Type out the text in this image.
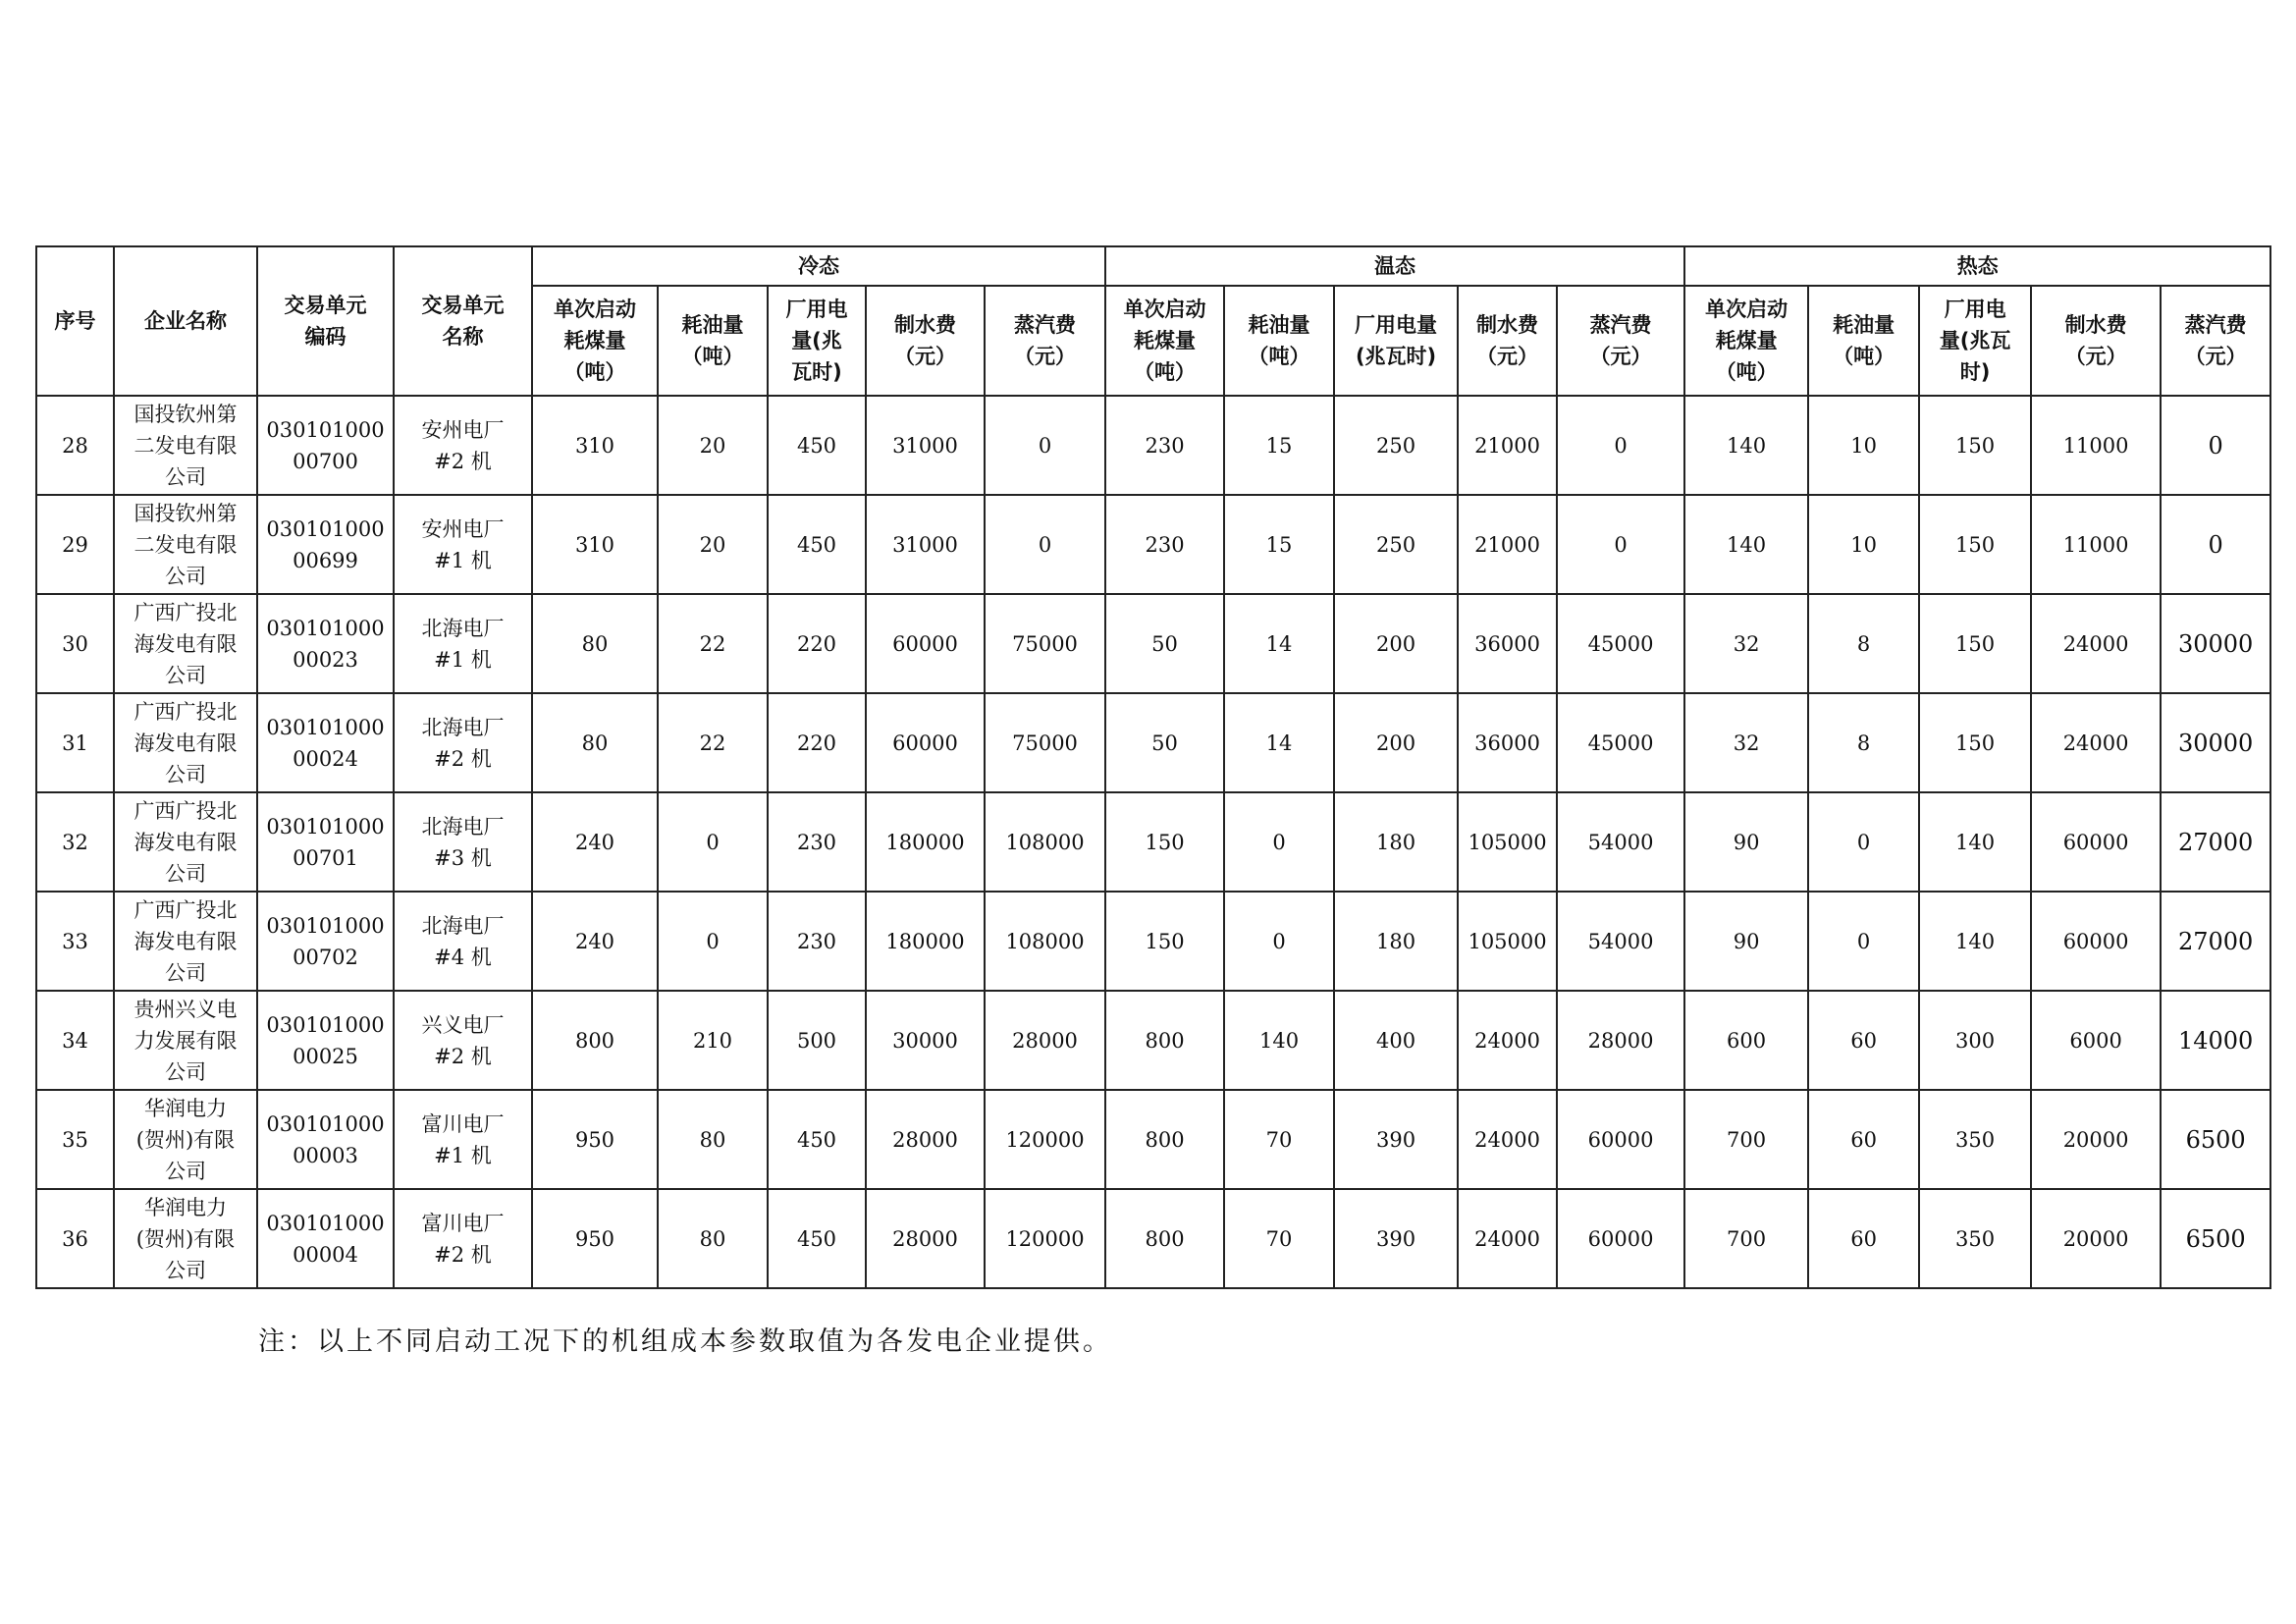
序号	企业名称	交易单元
编码	交易单元
名称	冷态					温态					热态				
				单次启动
耗煤量
（吨）	耗油量
（吨）	厂用电
量(兆
瓦时)	制水费
（元）	蒸汽费
（元）	单次启动
耗煤量
（吨）	耗油量
（吨）	厂用电量
(兆瓦时)	制水费
（元）	蒸汽费
（元）	单次启动
耗煤量
（吨）	耗油量
（吨）	厂用电
量(兆瓦
时)	制水费
（元）	蒸汽费
（元）
28	国投钦州第
二发电有限
公司	030101000
00700	安州电厂
#2 机	310	20	450	31000	0	230	15	250	21000	0	140	10	150	11000	0
29	国投钦州第
二发电有限
公司	030101000
00699	安州电厂
#1 机	310	20	450	31000	0	230	15	250	21000	0	140	10	150	11000	0
30	广西广投北
海发电有限
公司	030101000
00023	北海电厂
#1 机	80	22	220	60000	75000	50	14	200	36000	45000	32	8	150	24000	30000
31	广西广投北
海发电有限
公司	030101000
00024	北海电厂
#2 机	80	22	220	60000	75000	50	14	200	36000	45000	32	8	150	24000	30000
32	广西广投北
海发电有限
公司	030101000
00701	北海电厂
#3 机	240	0	230	180000	108000	150	0	180	105000	54000	90	0	140	60000	27000
33	广西广投北
海发电有限
公司	030101000
00702	北海电厂
#4 机	240	0	230	180000	108000	150	0	180	105000	54000	90	0	140	60000	27000
34	贵州兴义电
力发展有限
公司	030101000
00025	兴义电厂
#2 机	800	210	500	30000	28000	800	140	400	24000	28000	600	60	300	6000	14000
35	华润电力
(贺州)有限
公司	030101000
00003	富川电厂
#1 机	950	80	450	28000	120000	800	70	390	24000	60000	700	60	350	20000	6500
36	华润电力
(贺州)有限
公司	030101000
00004	富川电厂
#2 机	950	80	450	28000	120000	800	70	390	24000	60000	700	60	350	20000	6500
注：以上不同启动工况下的机组成本参数取值为各发电企业提供。
